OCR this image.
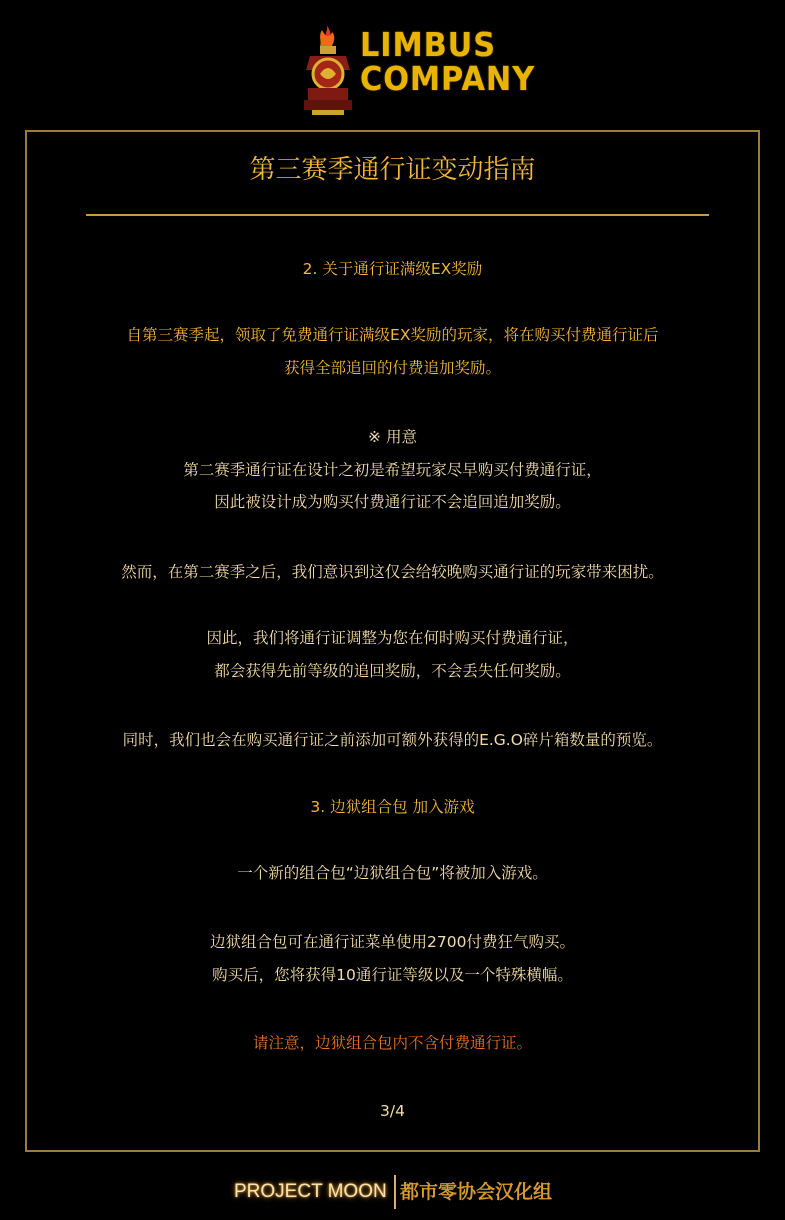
LIMBUS
COMPANY
第三赛季通行证变动指南
2. 关于通行证满级EX奖励
自第三赛季起，领取了免费通行证满级EX奖励的玩家，将在购买付费通行证后
获得全部追回的付费追加奖励。
※ 用意
第二赛季通行证在设计之初是希望玩家尽早购买付费通行证，
因此被设计成为购买付费通行证不会追回追加奖励。
然而，在第二赛季之后，我们意识到这仅会给较晚购买通行证的玩家带来困扰。
因此，我们将通行证调整为您在何时购买付费通行证，
都会获得先前等级的追回奖励，不会丢失任何奖励。
同时，我们也会在购买通行证之前添加可额外获得的E.G.O碎片箱数量的预览。
3. 边狱组合包 加入游戏
一个新的组合包“边狱组合包”将被加入游戏。
边狱组合包可在通行证菜单使用2700付费狂气购买。
购买后，您将获得10通行证等级以及一个特殊横幅。
请注意，边狱组合包内不含付费通行证。
3/4
PROJECT MOON 都市零协会汉化组
